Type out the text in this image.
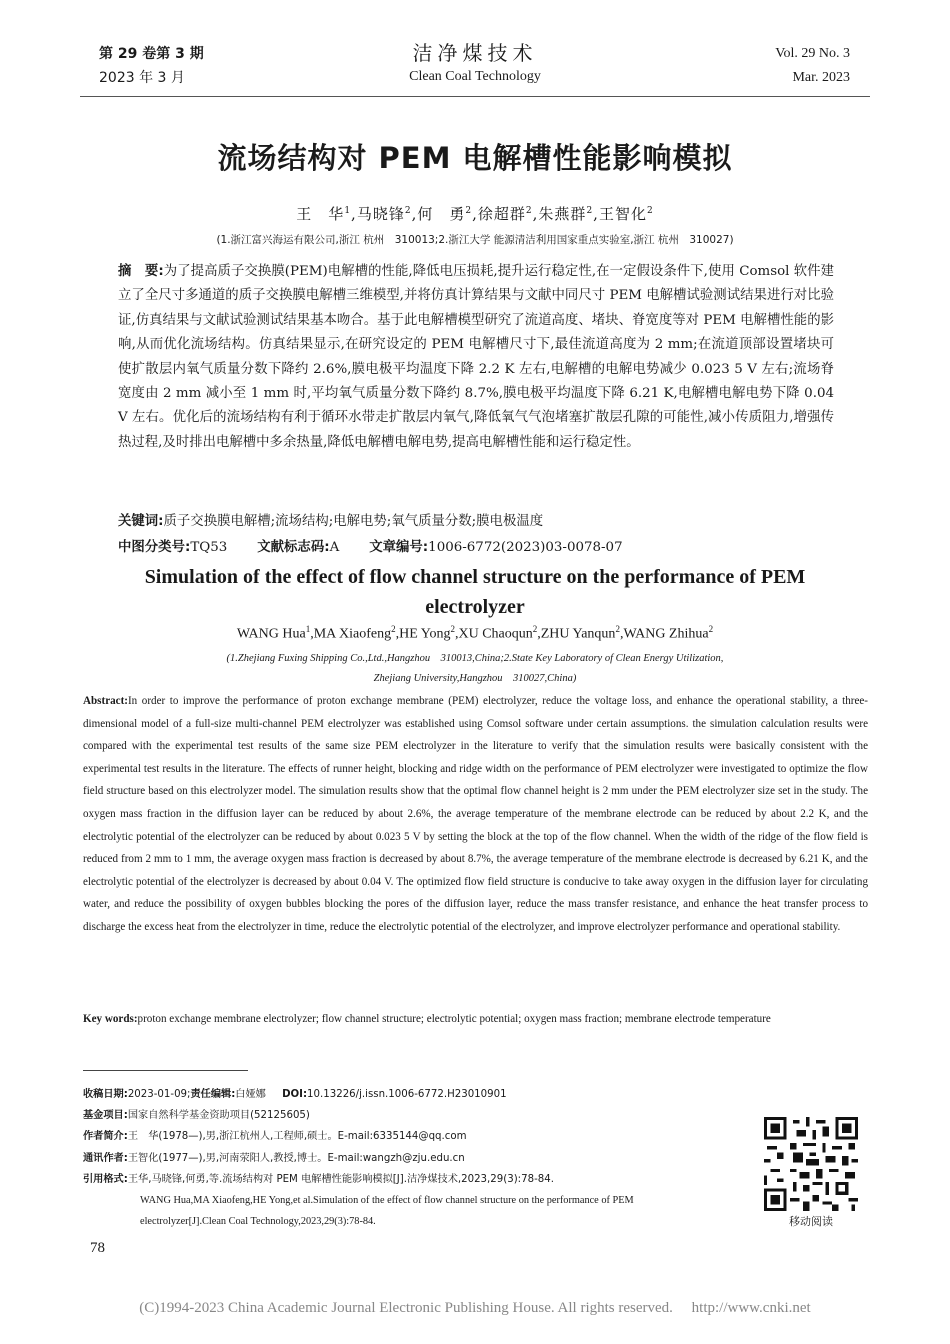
第 29 卷第 3 期
2023 年 3 月
洁净煤技术
Clean Coal Technology
Vol. 29 No. 3
Mar. 2023
流场结构对 PEM 电解槽性能影响模拟
王　华$^1$,马晓锋$^2$,何　勇$^2$,徐超群$^2$,朱燕群$^2$,王智化$^2$
(1.浙江富兴海运有限公司,浙江 杭州　310013;2.浙江大学 能源清洁利用国家重点实验室,浙江 杭州　310027)
摘　要:为了提高质子交换膜(PEM)电解槽的性能,降低电压损耗,提升运行稳定性,在一定假设条件下,使用 Comsol 软件建立了全尺寸多通道的质子交换膜电解槽三维模型,并将仿真计算结果与文献中同尺寸 PEM 电解槽试验测试结果进行对比验证,仿真结果与文献试验测试结果基本吻合。基于此电解槽模型研究了流道高度、堵块、脊宽度等对 PEM 电解槽性能的影响,从而优化流场结构。仿真结果显示,在研究设定的 PEM 电解槽尺寸下,最佳流道高度为 2 mm;在流道顶部设置堵块可使扩散层内氧气质量分数下降约 2.6%,膜电极平均温度下降 2.2 K 左右,电解槽的电解电势减少 0.023 5 V 左右;流场脊宽度由 2 mm 减小至 1 mm 时,平均氧气质量分数下降约 8.7%,膜电极平均温度下降 6.21 K,电解槽电解电势下降 0.04 V 左右。优化后的流场结构有利于循环水带走扩散层内氧气,降低氧气气泡堵塞扩散层孔隙的可能性,减小传质阻力,增强传热过程,及时排出电解槽中多余热量,降低电解槽电解电势,提高电解槽性能和运行稳定性。
关键词:质子交换膜电解槽;流场结构;电解电势;氧气质量分数;膜电极温度
中图分类号:TQ53 文献标志码:A 文章编号:1006-6772(2023)03-0078-07
Simulation of the effect of flow channel structure on the performance of PEM electrolyzer
WANG Hua$^1$,MA Xiaofeng$^2$,HE Yong$^2$,XU Chaoqun$^2$,ZHU Yanqun$^2$,WANG Zhihua$^2$
(1.Zhejiang Fuxing Shipping Co.,Ltd.,Hangzhou　310013,China;2.State Key Laboratory of Clean Energy Utilization,
Zhejiang University,Hangzhou　310027,China)
Abstract:In order to improve the performance of proton exchange membrane (PEM) electrolyzer, reduce the voltage loss, and enhance the operational stability, a three-dimensional model of a full-size multi-channel PEM electrolyzer was established using Comsol software under certain assumptions. the simulation calculation results were compared with the experimental test results of the same size PEM electrolyzer in the literature to verify that the simulation results were basically consistent with the experimental test results in the literature. The effects of runner height, blocking and ridge width on the performance of PEM electrolyzer were investigated to optimize the flow field structure based on this electrolyzer model. The simulation results show that the optimal flow channel height is 2 mm under the PEM electrolyzer size set in the study. The oxygen mass fraction in the diffusion layer can be reduced by about 2.6%, the average temperature of the membrane electrode can be reduced by about 2.2 K, and the electrolytic potential of the electrolyzer can be reduced by about 0.023 5 V by setting the block at the top of the flow channel. When the width of the ridge of the flow field is reduced from 2 mm to 1 mm, the average oxygen mass fraction is decreased by about 8.7%, the average temperature of the membrane electrode is decreased by 6.21 K, and the electrolytic potential of the electrolyzer is decreased by about 0.04 V. The optimized flow field structure is conducive to take away oxygen in the diffusion layer for circulating water, and reduce the possibility of oxygen bubbles blocking the pores of the diffusion layer, reduce the mass transfer resistance, and enhance the heat transfer process to discharge the excess heat from the electrolyzer in time, reduce the electrolytic potential of the electrolyzer, and improve electrolyzer performance and operational stability.
Key words:proton exchange membrane electrolyzer; flow channel structure; electrolytic potential; oxygen mass fraction; membrane electrode temperature
收稿日期:2023-01-09;责任编辑:白娅娜 DOI:10.13226/j.issn.1006-6772.H23010901
基金项目:国家自然科学基金资助项目(52125605)
作者简介:王　华(1978—),男,浙江杭州人,工程师,硕士。E-mail:6335144@qq.com
通讯作者:王智化(1977—),男,河南荥阳人,教授,博士。E-mail:wangzh@zju.edu.cn
引用格式:王华,马晓锋,何勇,等.流场结构对 PEM 电解槽性能影响模拟[J].洁净煤技术,2023,29(3):78-84.
WANG Hua,MA Xiaofeng,HE Yong,et al.Simulation of the effect of flow channel structure on the performance of PEM
electrolyzer[J].Clean Coal Technology,2023,29(3):78-84.	移动阅读
78
(C)1994-2023 China Academic Journal Electronic Publishing House. All rights reserved.　 http://www.cnki.net
